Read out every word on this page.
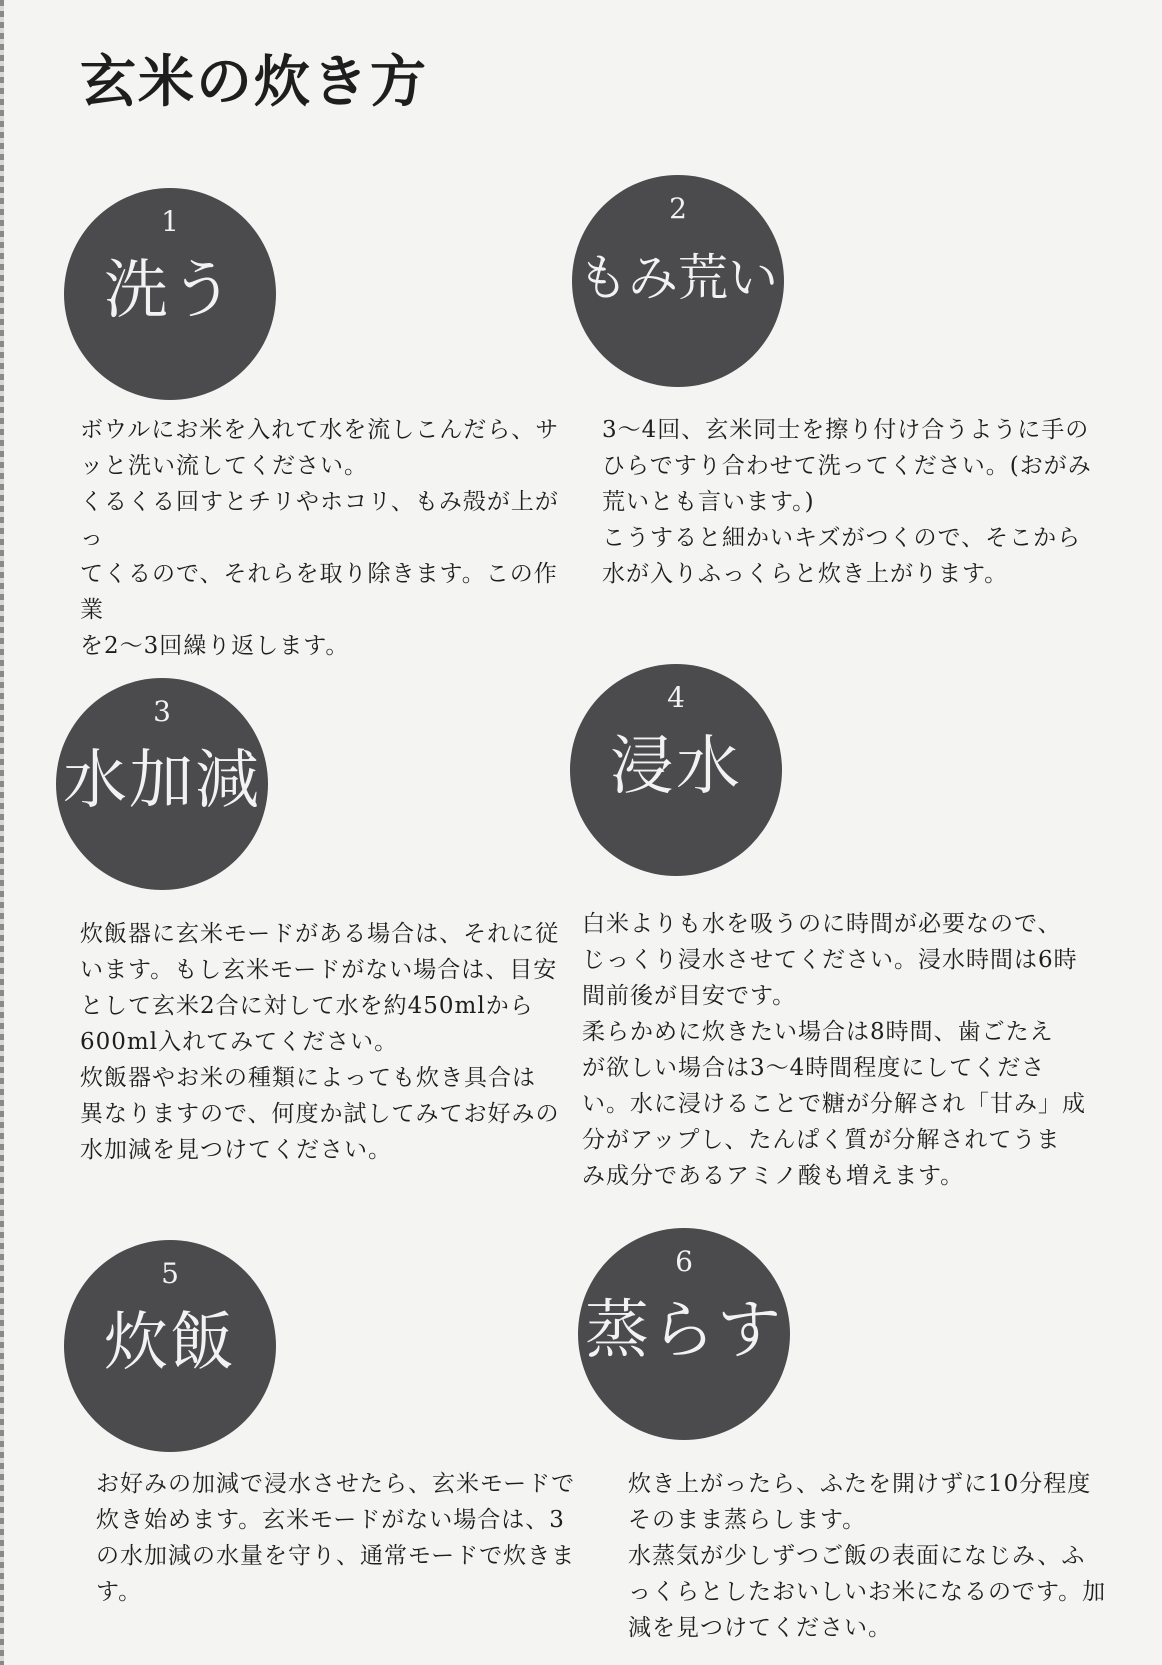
玄米の炊き方
1
洗う

ボウルにお米を入れて水を流しこんだら、サ
ッと洗い流してください。
くるくる回すとチリやホコリ、もみ殻が上がっ
てくるので、それらを取り除きます。この作業
を2〜3回繰り返します。

2
もみ荒い

3〜4回、玄米同士を擦り付け合うように手の
ひらですり合わせて洗ってください。(おがみ
荒いとも言います。)
こうすると細かいキズがつくので、そこから
水が入りふっくらと炊き上がります。

3
水加減

炊飯器に玄米モードがある場合は、それに従
います。もし玄米モードがない場合は、目安
として玄米2合に対して水を約450mlから
600ml入れてみてください。
炊飯器やお米の種類によっても炊き具合は
異なりますので、何度か試してみてお好みの
水加減を見つけてください。

4
浸水

白米よりも水を吸うのに時間が必要なので、
じっくり浸水させてください。浸水時間は6時
間前後が目安です。
柔らかめに炊きたい場合は8時間、歯ごたえ
が欲しい場合は3〜4時間程度にしてくださ
い。水に浸けることで糖が分解され「甘み」成
分がアップし、たんぱく質が分解されてうま
み成分であるアミノ酸も増えます。

5
炊飯

お好みの加減で浸水させたら、玄米モードで
炊き始めます。玄米モードがない場合は、3
の水加減の水量を守り、通常モードで炊きま
す。

6
蒸らす

炊き上がったら、ふたを開けずに10分程度
そのまま蒸らします。
水蒸気が少しずつご飯の表面になじみ、ふ
っくらとしたおいしいお米になるのです。加
減を見つけてください。
